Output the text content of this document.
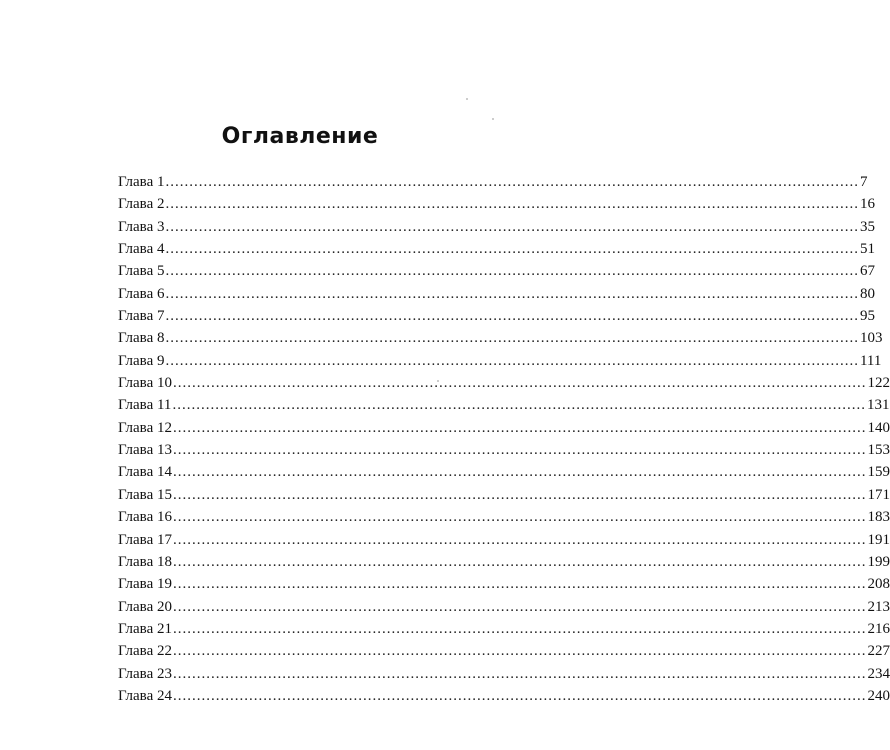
Оглавление
Глава 1 .................................................................................................................................................. 7
Глава 2 .................................................................................................................................................. 16
Глава 3 .................................................................................................................................................. 35
Глава 4 .................................................................................................................................................. 51
Глава 5 .................................................................................................................................................. 67
Глава 6 .................................................................................................................................................. 80
Глава 7 .................................................................................................................................................. 95
Глава 8 .................................................................................................................................................. 103
Глава 9 .................................................................................................................................................. 111
Глава 10 .................................................................................................................................................. 122
Глава 11 .................................................................................................................................................. 131
Глава 12 .................................................................................................................................................. 140
Глава 13 .................................................................................................................................................. 153
Глава 14 .................................................................................................................................................. 159
Глава 15 .................................................................................................................................................. 171
Глава 16 .................................................................................................................................................. 183
Глава 17 .................................................................................................................................................. 191
Глава 18 .................................................................................................................................................. 199
Глава 19 .................................................................................................................................................. 208
Глава 20 .................................................................................................................................................. 213
Глава 21 .................................................................................................................................................. 216
Глава 22 .................................................................................................................................................. 227
Глава 23 .................................................................................................................................................. 234
Глава 24 .................................................................................................................................................. 240
